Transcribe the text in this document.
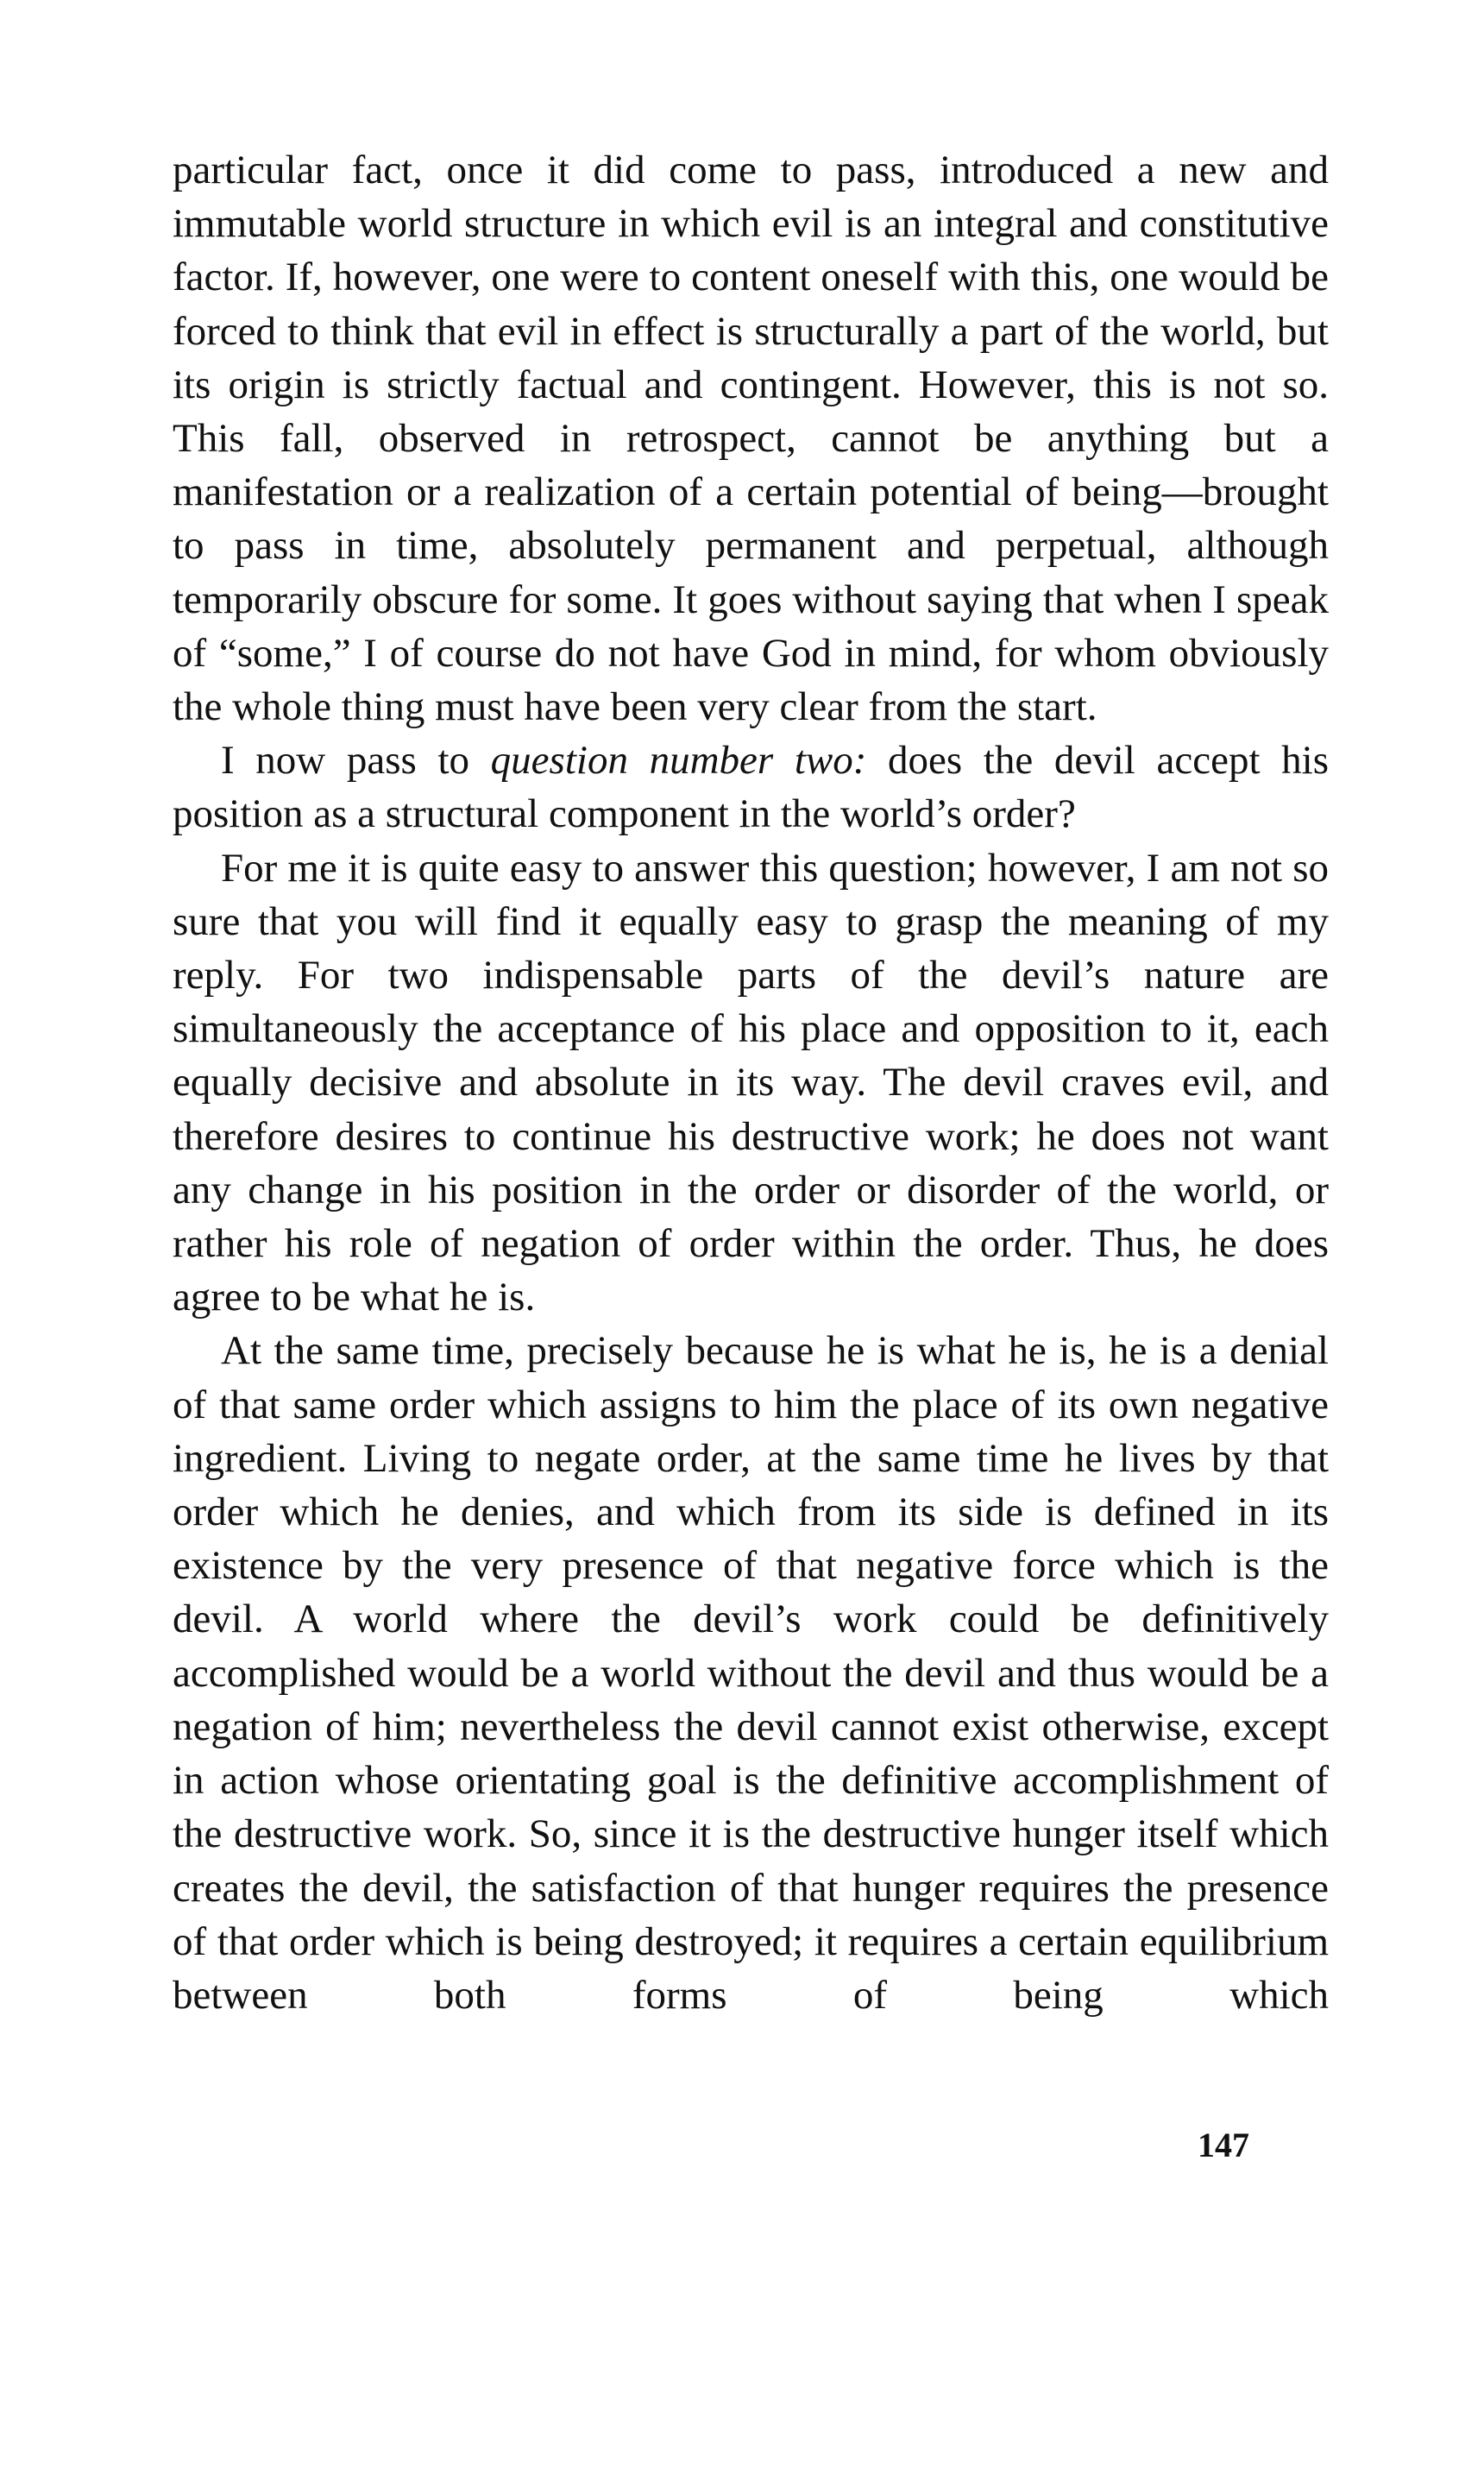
particular fact, once it did come to pass, introduced a new and immutable world structure in which evil is an integral and constitutive factor. If, however, one were to content oneself with this, one would be forced to think that evil in effect is structurally a part of the world, but its origin is strictly factual and contingent. However, this is not so. This fall, observed in retrospect, cannot be anything but a manifestation or a realization of a certain potential of being—brought to pass in time, absolutely permanent and perpetual, although temporarily obscure for some. It goes without saying that when I speak of “some,” I of course do not have God in mind, for whom obviously the whole thing must have been very clear from the start.

I now pass to question number two: does the devil accept his position as a structural component in the world’s order?

For me it is quite easy to answer this question; however, I am not so sure that you will find it equally easy to grasp the meaning of my reply. For two indispensable parts of the devil’s nature are simultaneously the acceptance of his place and opposition to it, each equally decisive and absolute in its way. The devil craves evil, and therefore desires to continue his destructive work; he does not want any change in his position in the order or disorder of the world, or rather his role of negation of order within the order. Thus, he does agree to be what he is.

At the same time, precisely because he is what he is, he is a denial of that same order which assigns to him the place of its own negative ingredient. Living to negate order, at the same time he lives by that order which he denies, and which from its side is defined in its existence by the very presence of that negative force which is the devil. A world where the devil’s work could be definitively accomplished would be a world without the devil and thus would be a negation of him; nevertheless the devil cannot exist otherwise, except in action whose orientating goal is the definitive accomplishment of the destructive work. So, since it is the destructive hunger itself which creates the devil, the satisfaction of that hunger requires the presence of that order which is being destroyed; it requires a certain equilibrium between both forms of being which

147
